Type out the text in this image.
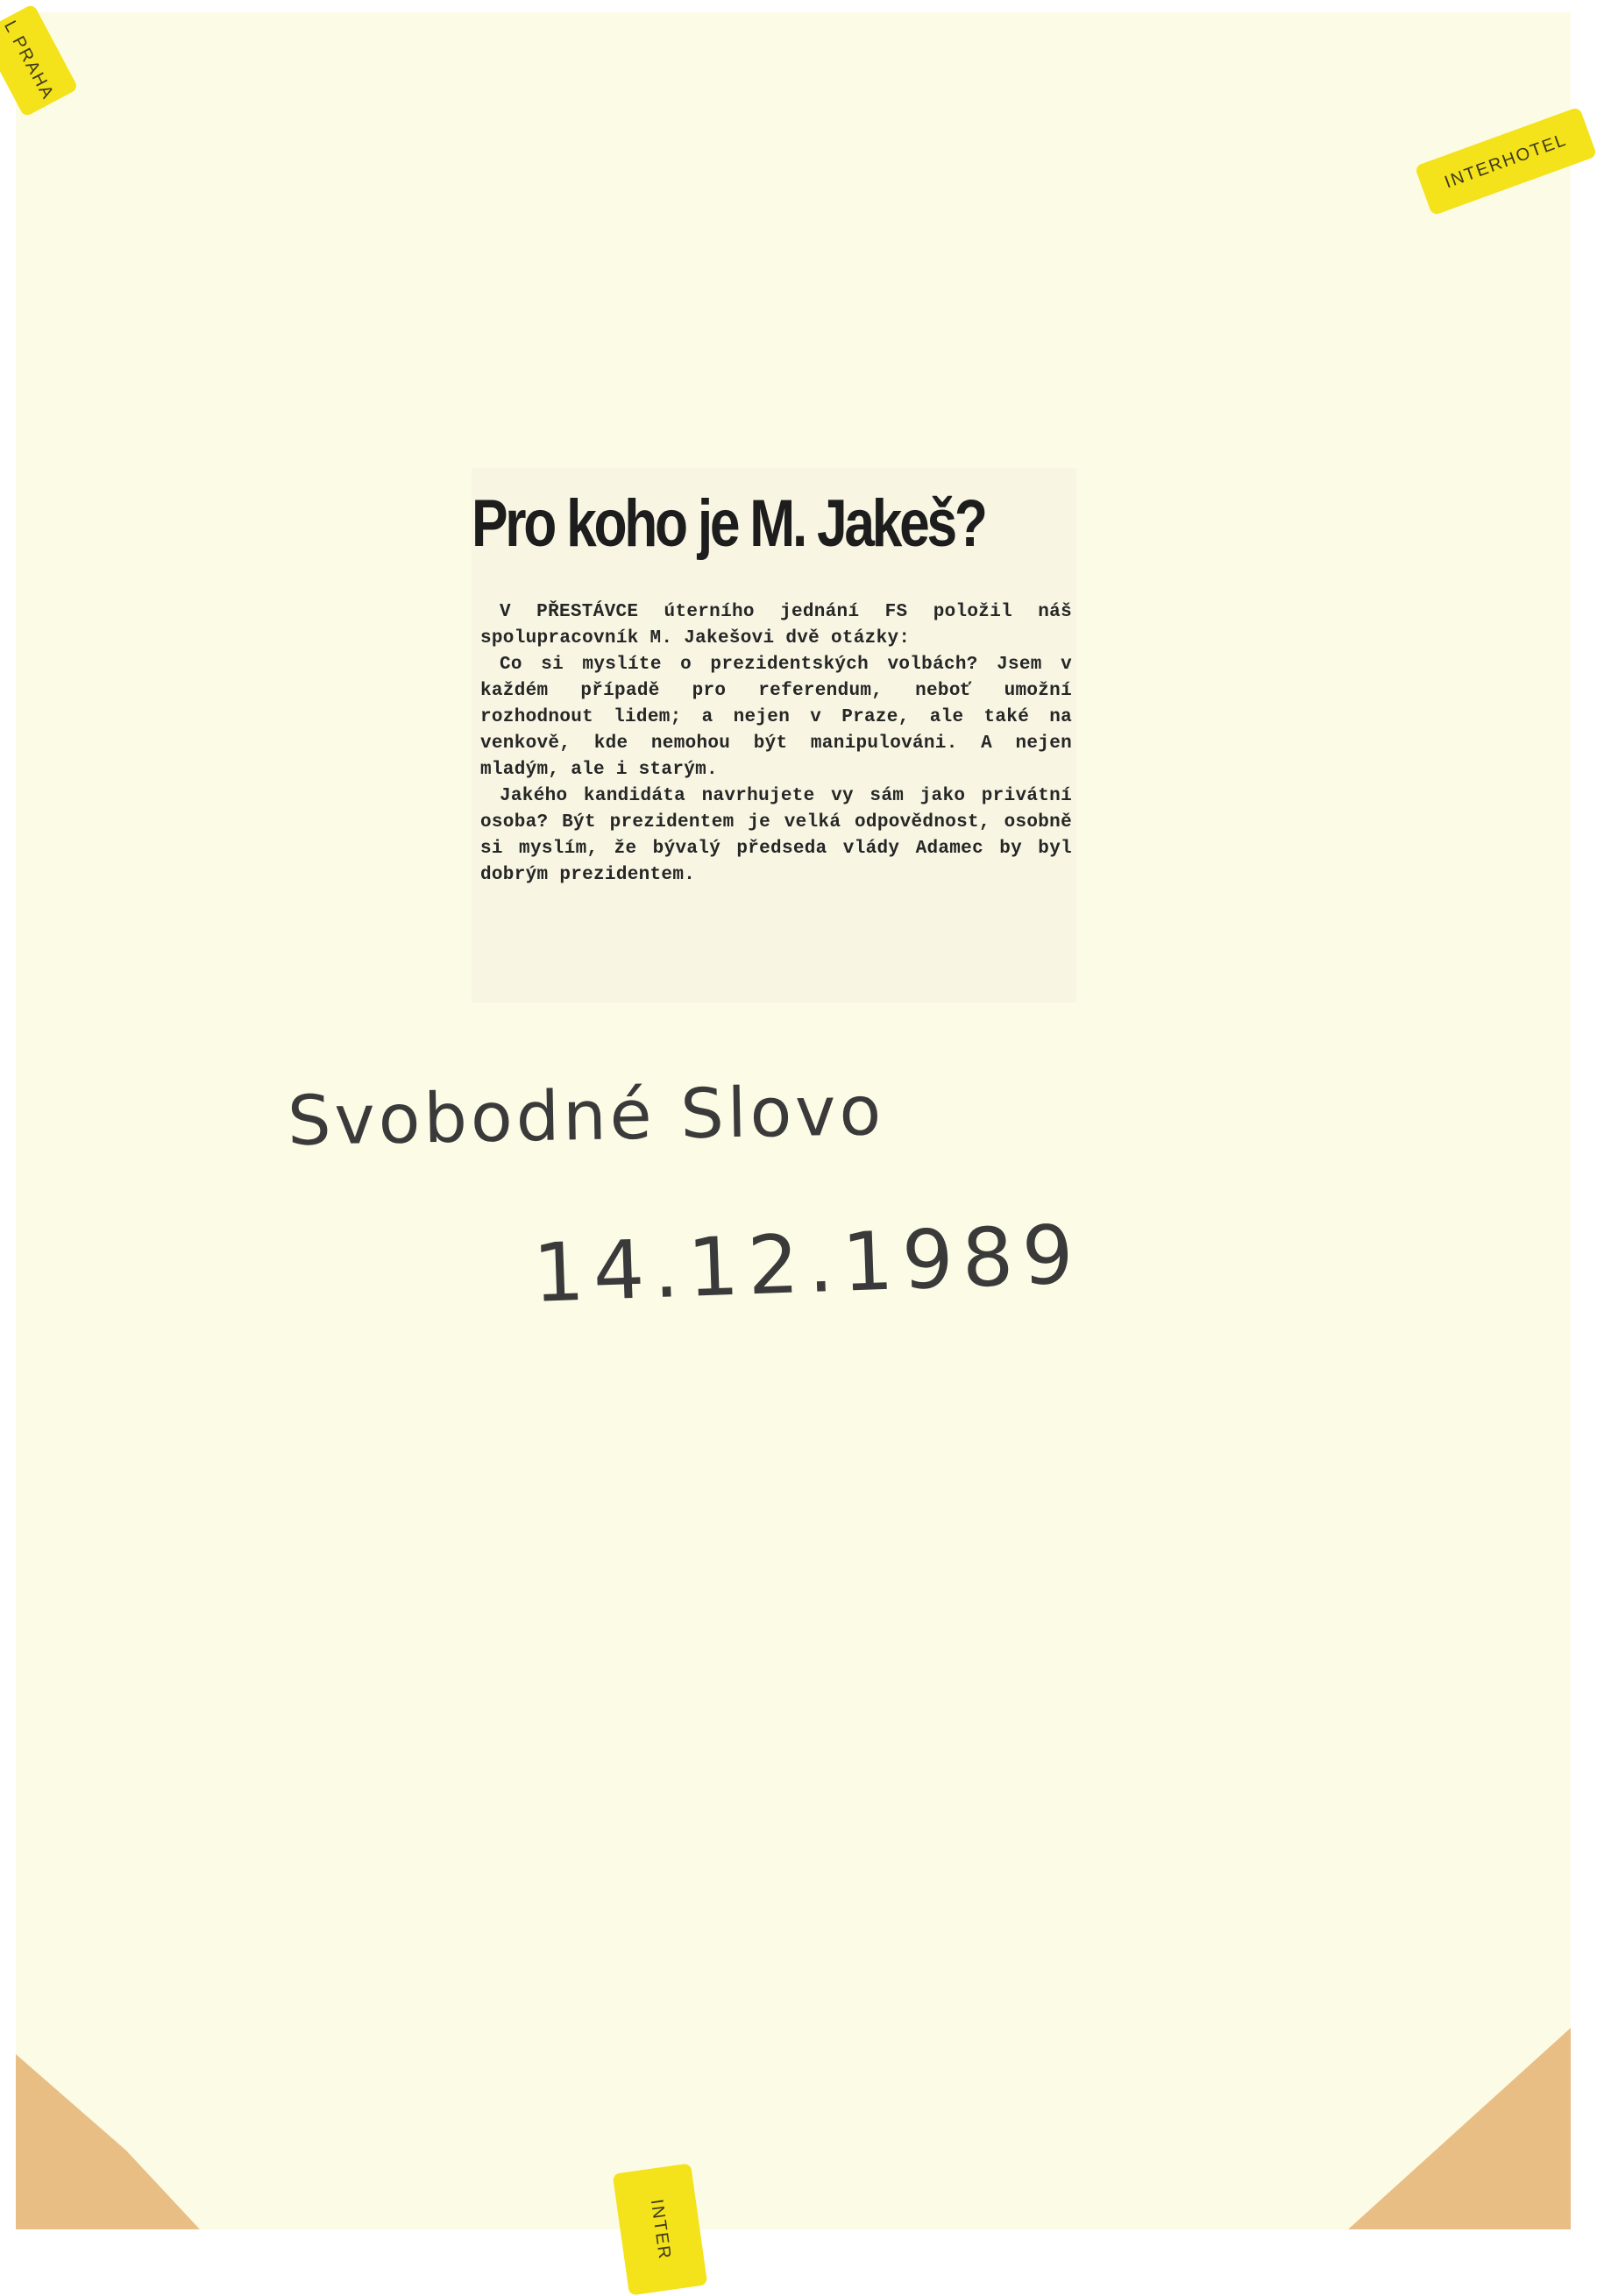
L PRAHA
INTERHOTEL
INTER
Pro koho je M. Jakeš?

V PŘESTÁVCE úterního jednání FS položil náš spolupracovník M. Jakešovi dvě otázky:

Co si myslíte o prezidentských volbách? Jsem v každém případě pro referendum, neboť umožní rozhodnout lidem; a nejen v Praze, ale také na venkově, kde nemohou být manipulováni. A nejen mladým, ale i starým.

Jakého kandidáta navrhujete vy sám jako privátní osoba? Být prezidentem je velká odpovědnost, osobně si myslím, že bývalý předseda vlády Adamec by byl dobrým prezidentem.

Svobodné Slovo
14.12.1989
